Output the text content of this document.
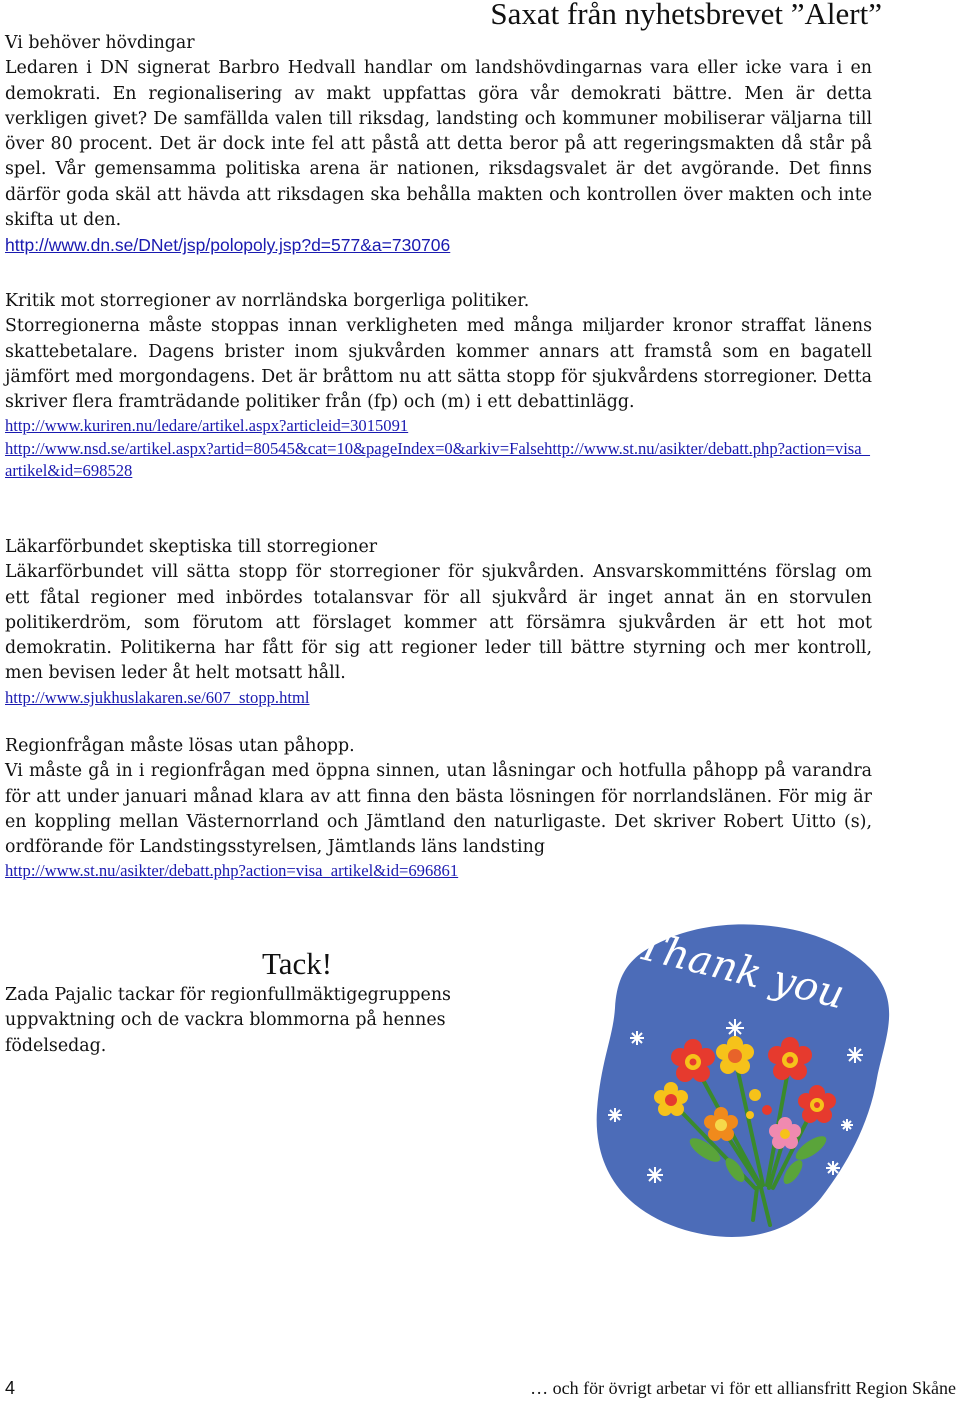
Saxat från nyhetsbrevet ”Alert”

Vi behöver hövdingar

Ledaren i DN signerat Barbro Hedvall handlar om landshövdingarnas vara eller icke vara i en demokrati. En regionalisering av makt uppfattas göra vår demokrati bättre. Men är detta verkligen givet? De samfällda valen till riksdag, landsting och kommuner mobiliserar väljarna till över 80 procent. Det är dock inte fel att påstå att detta beror på att regeringsmakten då står på spel. Vår gemensamma politiska arena är nationen, riksdagsvalet är det avgörande. Det finns därför goda skäl att hävda att riksdagen ska behålla makten och kontrollen över makten och inte skifta ut den.

http://www.dn.se/DNet/jsp/polopoly.jsp?d=577&a=730706

Kritik mot storregioner av norrländska borgerliga politiker.

Storregionerna måste stoppas innan verkligheten med många miljarder kronor straffat länens skattebetalare. Dagens brister inom sjukvården kommer annars att framstå som en bagatell jämfört med morgondagens. Det är bråttom nu att sätta stopp för sjukvårdens storregioner. Detta skriver flera framträdande politiker från (fp) och (m) i ett debattinlägg.

http://www.kuriren.nu/ledare/artikel.aspx?articleid=3015091
http://www.nsd.se/artikel.aspx?artid=80545&cat=10&pageIndex=0&arkiv=Falsehttp://www.st.nu/asikter/debatt.php?action=visa_artikel&id=698528

Läkarförbundet skeptiska till storregioner

Läkarförbundet vill sätta stopp för storregioner för sjukvården. Ansvarskommitténs förslag om ett fåtal regioner med inbördes totalansvar för all sjukvård är inget annat än en storvulen politikerdröm, som förutom att förslaget kommer att försämra sjukvården är ett hot mot demokratin. Politikerna har fått för sig att regioner leder till bättre styrning och mer kontroll, men bevisen leder åt helt motsatt håll.

http://www.sjukhuslakaren.se/607_stopp.html

Regionfrågan måste lösas utan påhopp.

Vi måste gå in i regionfrågan med öppna sinnen, utan låsningar och hotfulla påhopp på varandra för att under januari månad klara av att finna den bästa lösningen för norrlandslänen. För mig är en koppling mellan Västernorrland och Jämtland den naturligaste. Det skriver Robert Uitto (s), ordförande för Landstingsstyrelsen, Jämtlands läns landsting

http://www.st.nu/asikter/debatt.php?action=visa_artikel&id=696861
Tack!

Zada Pajalic tackar för regionfullmäktigegruppens uppvaktning och de vackra blommorna på hennes födelsedag.

Thank you
4	… och för övrigt arbetar vi för ett alliansfritt Region Skåne
